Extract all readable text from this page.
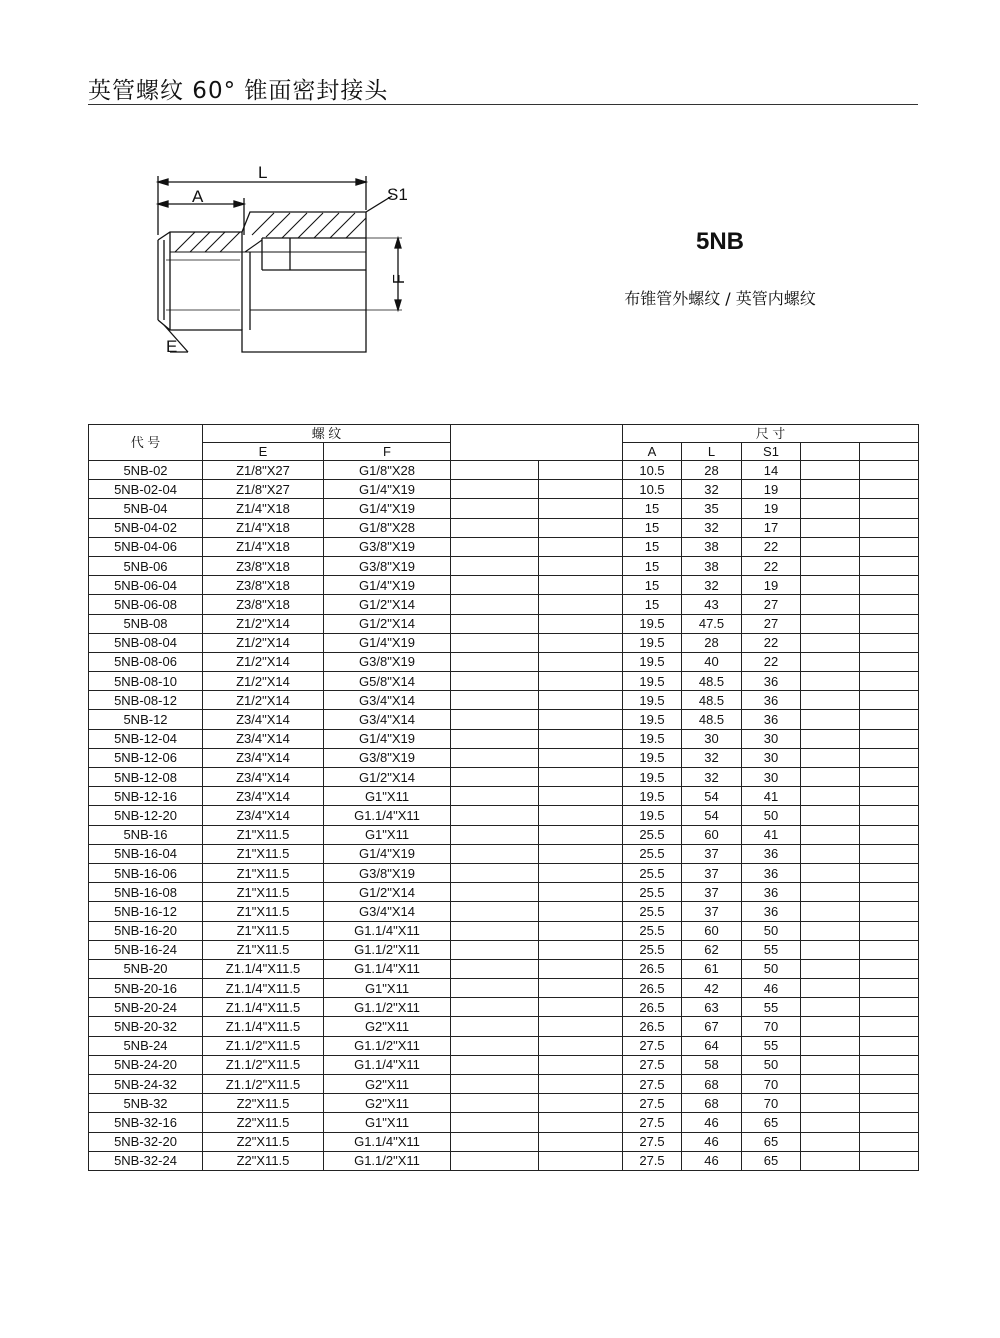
英管螺纹 60° 锥面密封接头
L
A	S1
F
E
5NB
布锥管外螺纹 / 英管内螺纹
代 号	螺 纹				尺 寸				
	E	F			A	L	S1		
5NB-02	Z1/8"X27	G1/8"X28			10.5	28	14		
5NB-02-04	Z1/8"X27	G1/4"X19			10.5	32	19		
5NB-04	Z1/4"X18	G1/4"X19			15	35	19		
5NB-04-02	Z1/4"X18	G1/8"X28			15	32	17		
5NB-04-06	Z1/4"X18	G3/8"X19			15	38	22		
5NB-06	Z3/8"X18	G3/8"X19			15	38	22		
5NB-06-04	Z3/8"X18	G1/4"X19			15	32	19		
5NB-06-08	Z3/8"X18	G1/2"X14			15	43	27		
5NB-08	Z1/2"X14	G1/2"X14			19.5	47.5	27		
5NB-08-04	Z1/2"X14	G1/4"X19			19.5	28	22		
5NB-08-06	Z1/2"X14	G3/8"X19			19.5	40	22		
5NB-08-10	Z1/2"X14	G5/8"X14			19.5	48.5	36		
5NB-08-12	Z1/2"X14	G3/4"X14			19.5	48.5	36		
5NB-12	Z3/4"X14	G3/4"X14			19.5	48.5	36		
5NB-12-04	Z3/4"X14	G1/4"X19			19.5	30	30		
5NB-12-06	Z3/4"X14	G3/8"X19			19.5	32	30		
5NB-12-08	Z3/4"X14	G1/2"X14			19.5	32	30		
5NB-12-16	Z3/4"X14	G1"X11			19.5	54	41		
5NB-12-20	Z3/4"X14	G1.1/4"X11			19.5	54	50		
5NB-16	Z1"X11.5	G1"X11			25.5	60	41		
5NB-16-04	Z1"X11.5	G1/4"X19			25.5	37	36		
5NB-16-06	Z1"X11.5	G3/8"X19			25.5	37	36		
5NB-16-08	Z1"X11.5	G1/2"X14			25.5	37	36		
5NB-16-12	Z1"X11.5	G3/4"X14			25.5	37	36		
5NB-16-20	Z1"X11.5	G1.1/4"X11			25.5	60	50		
5NB-16-24	Z1"X11.5	G1.1/2"X11			25.5	62	55		
5NB-20	Z1.1/4"X11.5	G1.1/4"X11			26.5	61	50		
5NB-20-16	Z1.1/4"X11.5	G1"X11			26.5	42	46		
5NB-20-24	Z1.1/4"X11.5	G1.1/2"X11			26.5	63	55		
5NB-20-32	Z1.1/4"X11.5	G2"X11			26.5	67	70		
5NB-24	Z1.1/2"X11.5	G1.1/2"X11			27.5	64	55		
5NB-24-20	Z1.1/2"X11.5	G1.1/4"X11			27.5	58	50		
5NB-24-32	Z1.1/2"X11.5	G2"X11			27.5	68	70		
5NB-32	Z2"X11.5	G2"X11			27.5	68	70		
5NB-32-16	Z2"X11.5	G1"X11			27.5	46	65		
5NB-32-20	Z2"X11.5	G1.1/4"X11			27.5	46	65		
5NB-32-24	Z2"X11.5	G1.1/2"X11			27.5	46	65		
